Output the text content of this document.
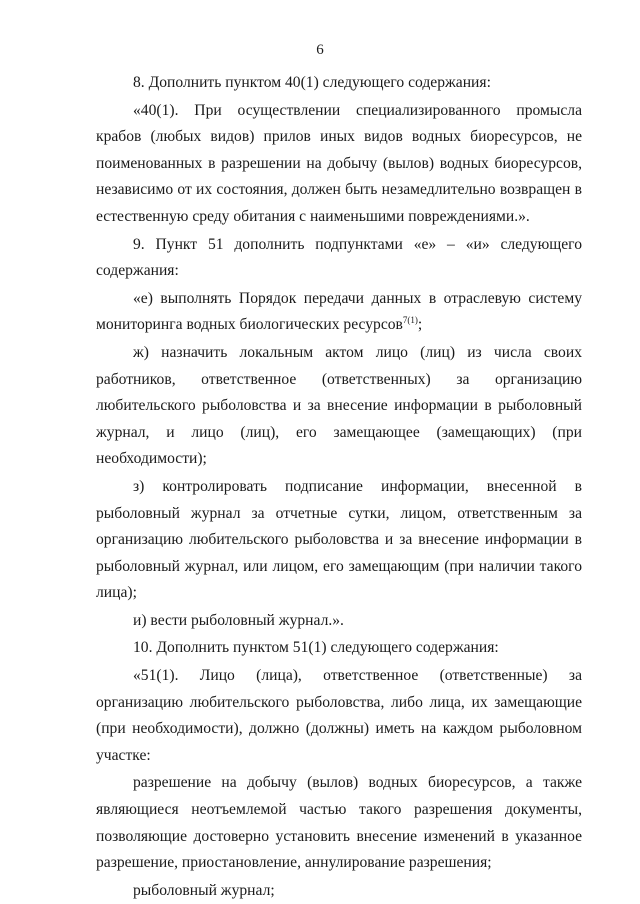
6

8. Дополнить пунктом 40(1) следующего содержания:

«40(1). При осуществлении специализированного промысла крабов (любых видов) прилов иных видов водных биоресурсов, не поименованных в разрешении на добычу (вылов) водных биоресурсов, независимо от их состояния, должен быть незамедлительно возвращен в естественную среду обитания с наименьшими повреждениями.».

9. Пункт 51 дополнить подпунктами «е» – «и» следующего содержания:

«е) выполнять Порядок передачи данных в отраслевую систему мониторинга водных биологических ресурсов$^{7(1)}$;

ж) назначить локальным актом лицо (лиц) из числа своих работников, ответственное (ответственных) за организацию любительского рыболовства и за внесение информации в рыболовный журнал, и лицо (лиц), его замещающее (замещающих) (при необходимости);

з) контролировать подписание информации, внесенной в рыболовный журнал за отчетные сутки, лицом, ответственным за организацию любительского рыболовства и за внесение информации в рыболовный журнал, или лицом, его замещающим (при наличии такого лица);

и) вести рыболовный журнал.».

10. Дополнить пунктом 51(1) следующего содержания:

«51(1). Лицо (лица), ответственное (ответственные) за организацию любительского рыболовства, либо лица, их замещающие (при необходимости), должно (должны) иметь на каждом рыболовном участке:

разрешение на добычу (вылов) водных биоресурсов, а также являющиеся неотъемлемой частью такого разрешения документы, позволяющие достоверно установить внесение изменений в указанное разрешение, приостановление, аннулирование разрешения;

рыболовный журнал;
